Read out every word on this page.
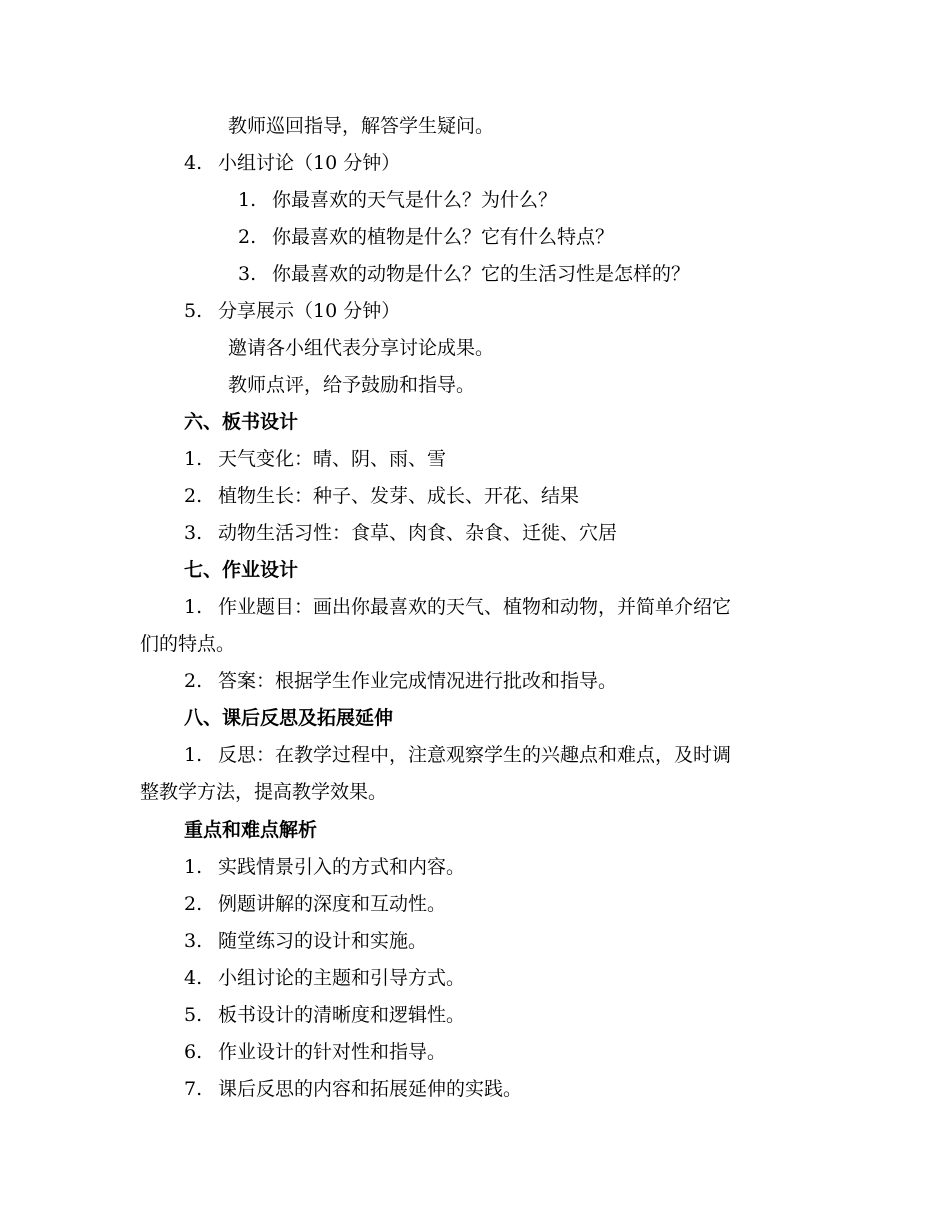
教师巡回指导，解答学生疑问。
4. 小组讨论（10 分钟）
1. 你最喜欢的天气是什么？为什么？
2. 你最喜欢的植物是什么？它有什么特点？
3. 你最喜欢的动物是什么？它的生活习性是怎样的？
5. 分享展示（10 分钟）
邀请各小组代表分享讨论成果。
教师点评，给予鼓励和指导。
六、板书设计
1. 天气变化：晴、阴、雨、雪
2. 植物生长：种子、发芽、成长、开花、结果
3. 动物生活习性：食草、肉食、杂食、迁徙、穴居
七、作业设计
1. 作业题目：画出你最喜欢的天气、植物和动物，并简单介绍它
们的特点。
2. 答案：根据学生作业完成情况进行批改和指导。
八、课后反思及拓展延伸
1. 反思：在教学过程中，注意观察学生的兴趣点和难点，及时调
整教学方法，提高教学效果。
重点和难点解析
1. 实践情景引入的方式和内容。
2. 例题讲解的深度和互动性。
3. 随堂练习的设计和实施。
4. 小组讨论的主题和引导方式。
5. 板书设计的清晰度和逻辑性。
6. 作业设计的针对性和指导。
7. 课后反思的内容和拓展延伸的实践。
